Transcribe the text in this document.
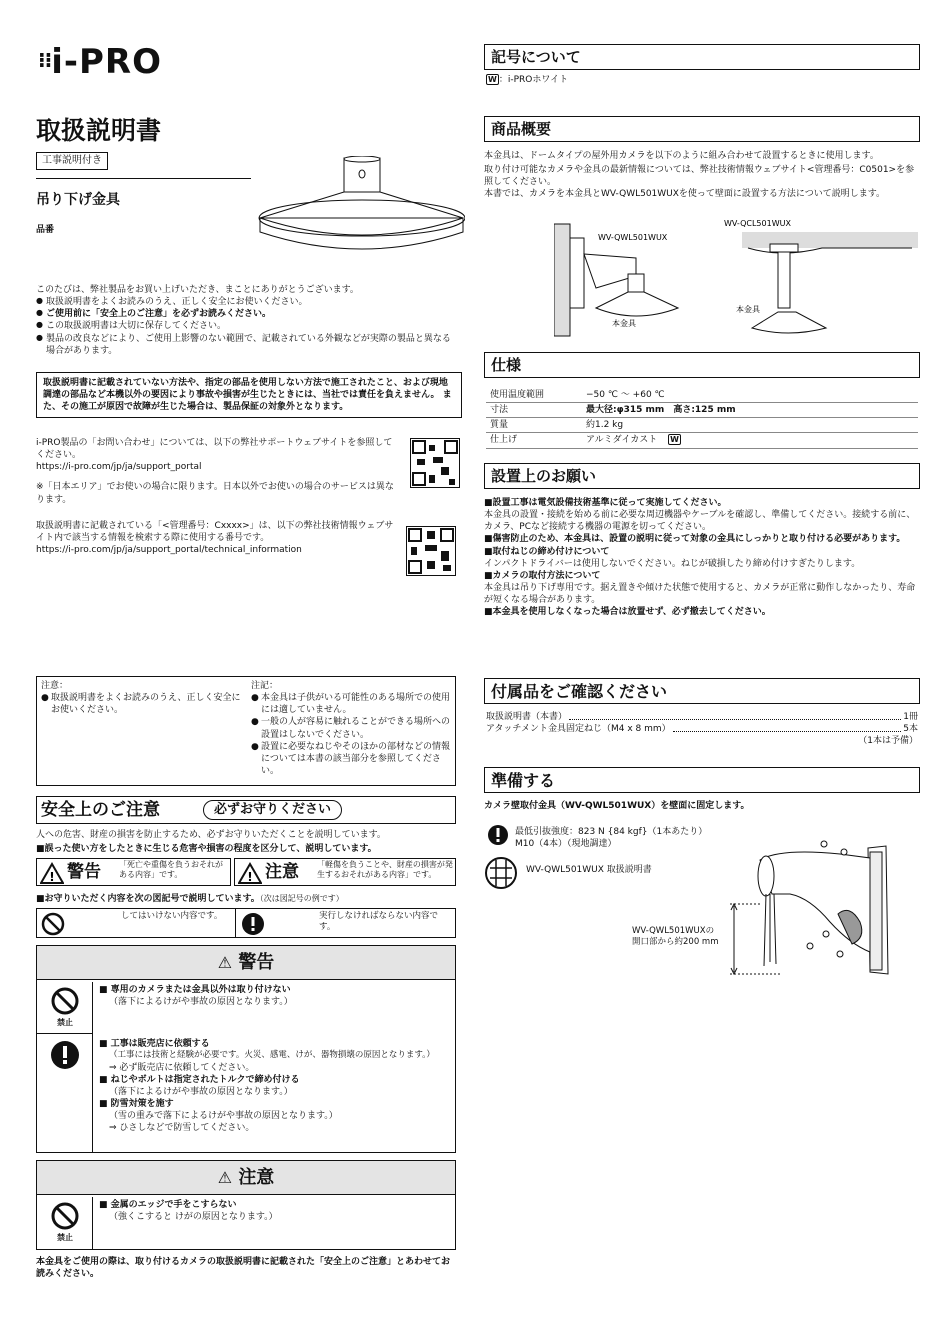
⁝⁝i-PRO
取扱説明書
工事説明付き
吊り下げ金具
品番
このたびは、弊社製品をお買い上げいただき、まことにありがとうございます。
● 取扱説明書をよくお読みのうえ、正しく安全にお使いください。
● ご使用前に「安全上のご注意」を必ずお読みください。
● この取扱説明書は大切に保存してください。
● 製品の改良などにより、ご使用上影響のない範囲で、記載されている外観などが実際の製品と異なる場合があります。
取扱説明書に記載されていない方法や、指定の部品を使用しない方法で施工されたこと、および現地調達の部品など本機以外の要因により事故や損害が生じたときには、当社では責任を負えません。 また、その施工が原因で故障が生じた場合は、製品保証の対象外となります。
i-PRO製品の「お問い合わせ」については、以下の弊社サポートウェブサイトを参照してください。
https://i-pro.com/jp/ja/support_portal
※「日本エリア」でお使いの場合に限ります。日本以外でお使いの場合のサービスは異なります。
取扱説明書に記載されている「<管理番号：Cxxxx>」は、以下の弊社技術情報ウェブサイト内で該当する情報を検索する際に使用する番号です。
https://i-pro.com/jp/ja/support_portal/technical_information
注意：
● 取扱説明書をよくお読みのうえ、正しく安全にお使いください。
注記：
● 本金具は子供がいる可能性のある場所での使用には適していません。
● 一般の人が容易に触れることができる場所への設置はしないでください。
● 設置に必要なねじやそのほかの部材などの情報については本書の該当部分を参照してください。
安全上のご注意	必ずお守りください
人への危害、財産の損害を防止するため、必ずお守りいただくことを説明しています。
■誤った使い方をしたときに生じる危害や損害の程度を区分して、説明しています。
! 警告 「死亡や重傷を負うおそれがある内容」です。	! 注意 「軽傷を負うことや、財産の損害が発生するおそれがある内容」です。
■お守りいただく内容を次の図記号で説明しています。（次は図記号の例です）
してはいけない内容です。	実行しなければならない内容です。
⚠ 警告
禁止
■ 専用のカメラまたは金具以外は取り付けない
（落下によるけがや事故の原因となります。）
■ 工事は販売店に依頼する
（工事には技術と経験が必要です。火災、感電、けが、器物損壊の原因となります。）
⇒ 必ず販売店に依頼してください。
■ ねじやボルトは指定されたトルクで締め付ける
（落下によるけがや事故の原因となります。）
■ 防雪対策を施す
（雪の重みで落下によるけがや事故の原因となります。）
⇒ ひさしなどで防雪してください。
⚠ 注意
禁止
■ 金属のエッジで手をこすらない
（強くこすると けがの原因となります。）
本金具をご使用の際は、取り付けるカメラの取扱説明書に記載された「安全上のご注意」とあわせてお読みください。
記号について
W ：i-PROホワイト
商品概要
本金具は、ドームタイプの屋外用カメラを以下のように組み合わせて設置するときに使用します。
取り付け可能なカメラや金具の最新情報については、弊社技術情報ウェブサイト<管理番号：C0501>を参照してください。
本書では、カメラを本金具とWV-QWL501WUXを使って壁面に設置する方法について説明します。
WV-QWL501WUX
本金具
WV-QCL501WUX
本金具
仕様
使用温度範囲	−50 ℃ ～ +60 ℃
寸法	最大径:φ315 mm　高さ:125 mm
質量	約1.2 kg
仕上げ	アルミダイカスト W
設置上のお願い
■設置工事は電気設備技術基準に従って実施してください。
本金具の設置・接続を始める前に必要な周辺機器やケーブルを確認し、準備してください。接続する前に、カメラ、PCなど接続する機器の電源を切ってください。
■傷害防止のため、本金具は、設置の説明に従って対象の金具にしっかりと取り付ける必要があります。
■取付ねじの締め付けについて
インパクトドライバーは使用しないでください。ねじが破損したり締め付けすぎたりします。
■カメラの取付方法について
本金具は吊り下げ専用です。据え置きや傾けた状態で使用すると、カメラが正常に動作しなかったり、寿命が短くなる場合があります。
■本金具を使用しなくなった場合は放置せず、必ず撤去してください。
付属品をご確認ください
取扱説明書（本書）	1冊
アタッチメント金具固定ねじ（M4 x 8 mm）	5本
（1本は予備）
準備する
カメラ壁取付金具（WV-QWL501WUX）を壁面に固定します。
最低引抜強度：823 N {84 kgf}（1本あたり）
M10（4本）（現地調達）
WV-QWL501WUX 取扱説明書
WV-QWL501WUXの
開口部から約200 mm
